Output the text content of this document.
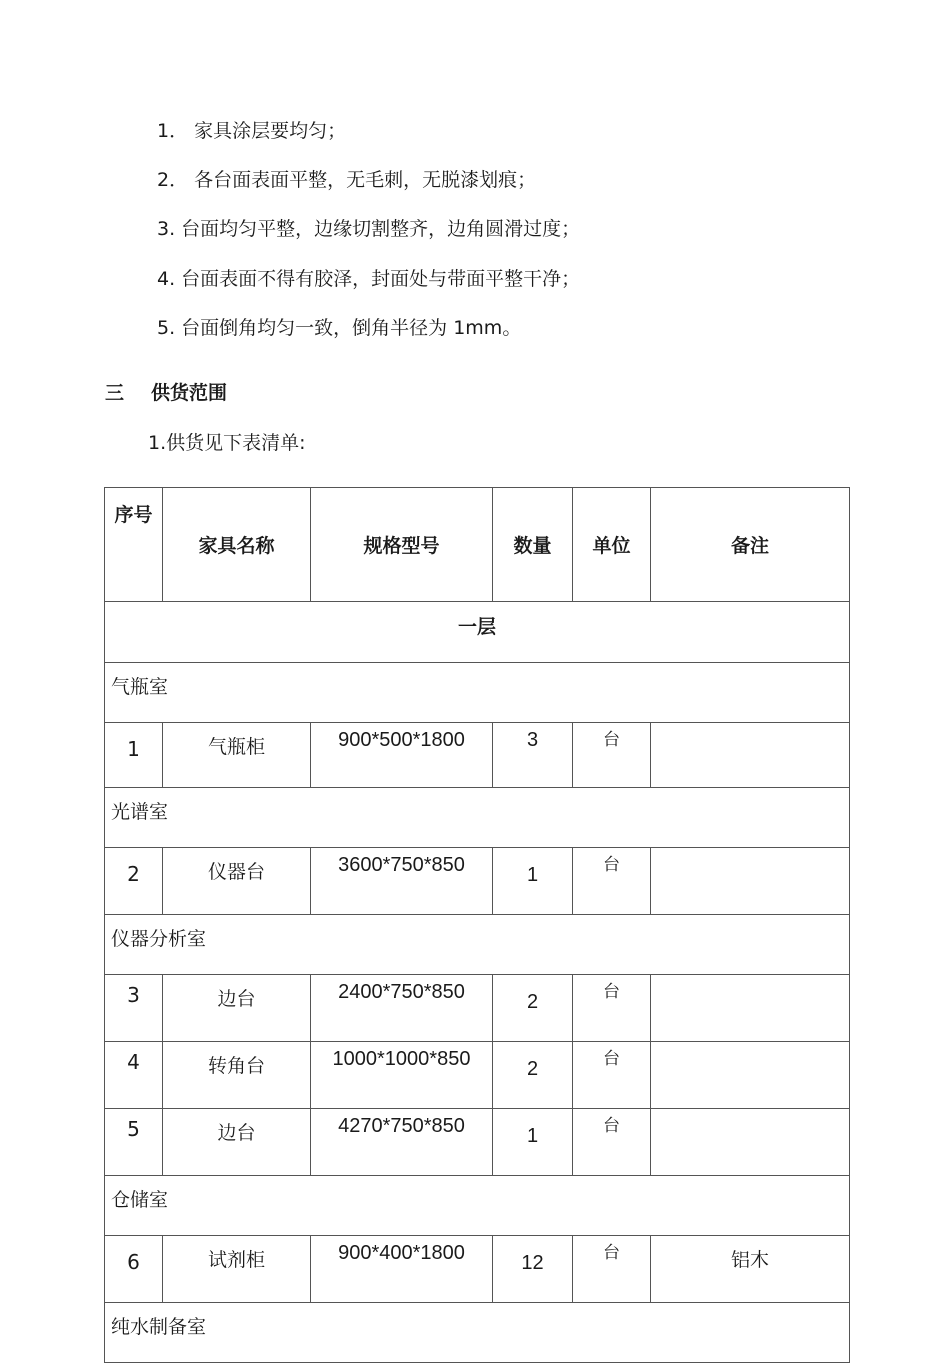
1． 家具涂层要均匀；
2． 各台面表面平整，无毛刺，无脱漆划痕；
3. 台面均匀平整，边缘切割整齐，边角圆滑过度；
4. 台面表面不得有胶泽，封面处与带面平整干净；
5. 台面倒角均匀一致，倒角半径为 1mm。
三 供货范围
1.供货见下表清单:
序号	家具名称	规格型号	数量	单位	备注
一层					
气瓶室					
1	气瓶柜	900*500*1800	3	台	
光谱室					
2	仪器台	3600*750*850	1	台	
仪器分析室					
3	边台	2400*750*850	2	台	
4	转角台	1000*1000*850	2	台	
5	边台	4270*750*850	1	台	
仓储室					
6	试剂柜	900*400*1800	12	台	铝木
纯水制备室					
